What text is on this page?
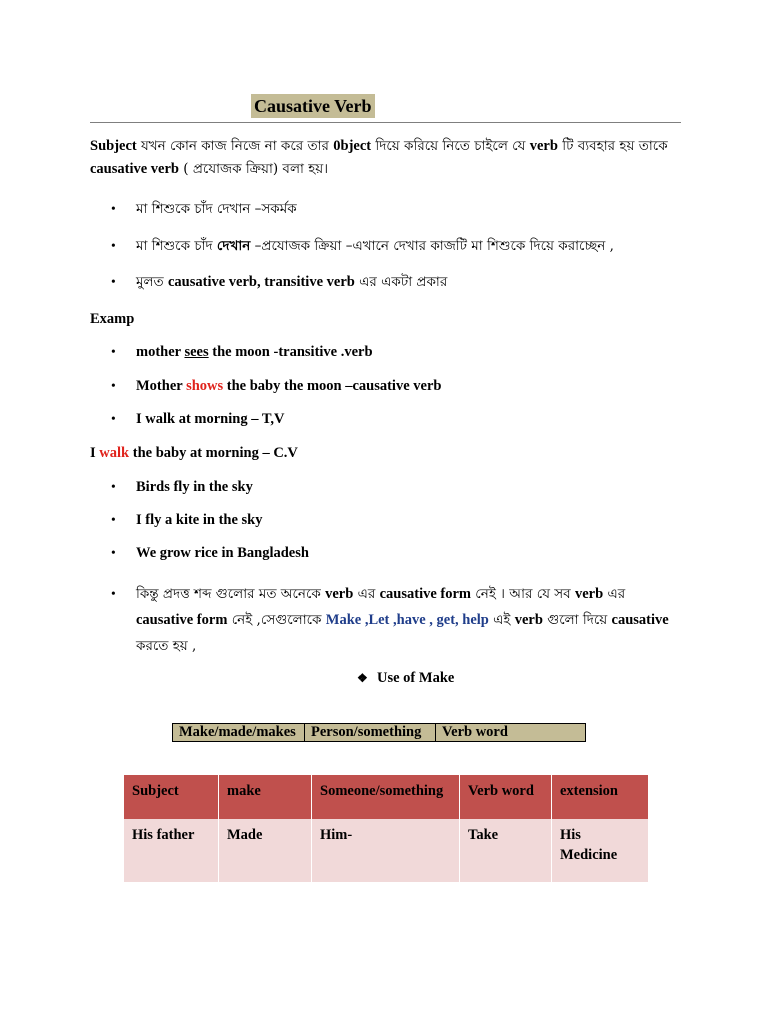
Causative Verb
Subject যখন কোন কাজ নিজে না করে তার 0bject দিয়ে করিয়ে নিতে চাইলে যে verb টি ব্যবহার হয় তাকে causative verb ( প্রযোজক ক্রিয়া) বলা হয়।
• মা শিশুকে চাঁদ দেখান –সকর্মক
• মা শিশুকে চাঁদ দেখান –প্রযোজক ক্রিয়া –এখানে দেখার কাজটি মা শিশুকে দিয়ে করাচ্ছেন ,
• মুলত causative verb, transitive verb এর একটা প্রকার
Examp
• mother sees the moon -transitive .verb
• Mother shows the baby the moon –causative verb
• I walk at morning – T,V
I walk the baby at morning – C.V
• Birds fly in the sky
• I fly a kite in the sky
• We grow rice in Bangladesh
• কিন্তু প্রদত্ত শব্দ গুলোর মত অনেকে verb এর causative form নেই । আর যে সব verb এর causative form নেই ,সেগুলোকে Make ,Let ,have , get, help এই verb গুলো দিয়ে causative করতে হয় ,
❖ Use of Make
Make/made/makes	Person/something	Verb word
Subject	make	Someone/something	Verb word	extension
His father	Made	Him-	Take	His Medicine
